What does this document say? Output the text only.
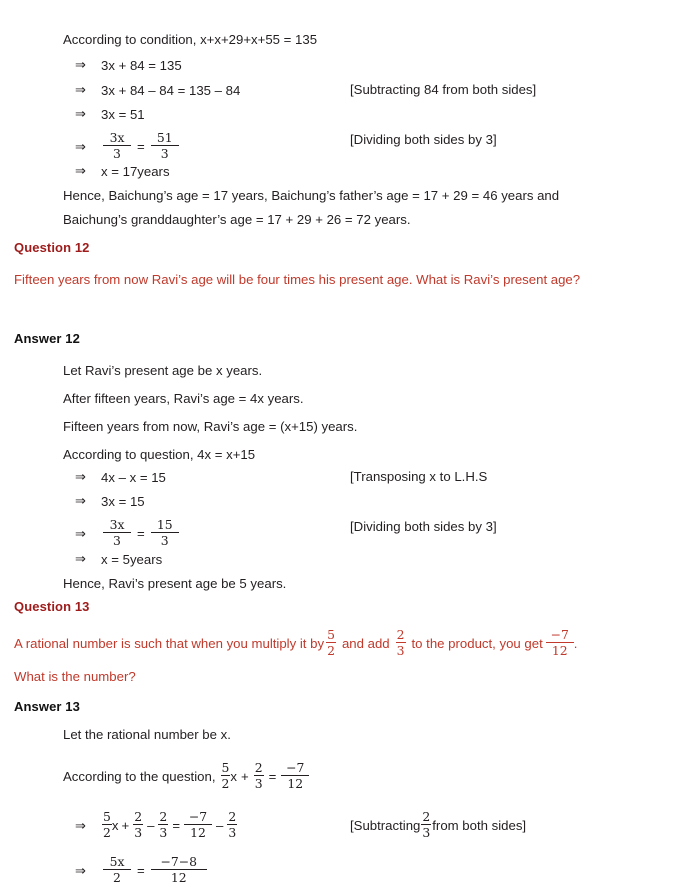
According to condition, x+x+29+x+55 = 135
⇒	3x + 84 = 135
⇒	3x + 84 – 84 = 135 – 84	[Subtracting 84 from both sides]
⇒	3x = 51
⇒	$\frac{3x}{3} = \frac{51}{3}$	[Dividing both sides by 3]
⇒	x = 17years
Hence, Baichung’s age = 17 years, Baichung’s father’s age = 17 + 29 = 46 years and
Baichung’s granddaughter’s age = 17 + 29 + 26 = 72 years.
Question 12
Fifteen years from now Ravi’s age will be four times his present age. What is Ravi’s present age?
Answer 12
Let Ravi’s present age be x years.
After fifteen years, Ravi’s age = 4x years.
Fifteen years from now, Ravi’s age = (x+15) years.
According to question, 4x = x+15
⇒	4x – x = 15	[Transposing x to L.H.S
⇒	3x = 15
⇒	$\frac{3x}{3} = \frac{15}{3}$	[Dividing both sides by 3]
⇒	x = 5years
Hence, Ravi’s present age be 5 years.
Question 13
A rational number is such that when you multiply it by $\frac{5}{2}$ and add $\frac{2}{3}$ to the product, you get $\frac{-7}{12}$ .
What is the number?
Answer 13
Let the rational number be x.
According to the question, $\frac{5}{2}$ $x + \frac{2}{3} = \frac{-7}{12}$
⇒	$\frac{5}{2}$ $x + \frac{2}{3} - \frac{2}{3} = \frac{-7}{12} - \frac{2}{3}$	[Subtracting $\frac{2}{3}$ from both sides]
⇒	$\frac{5x}{2} = \frac{-7-8}{12}$
